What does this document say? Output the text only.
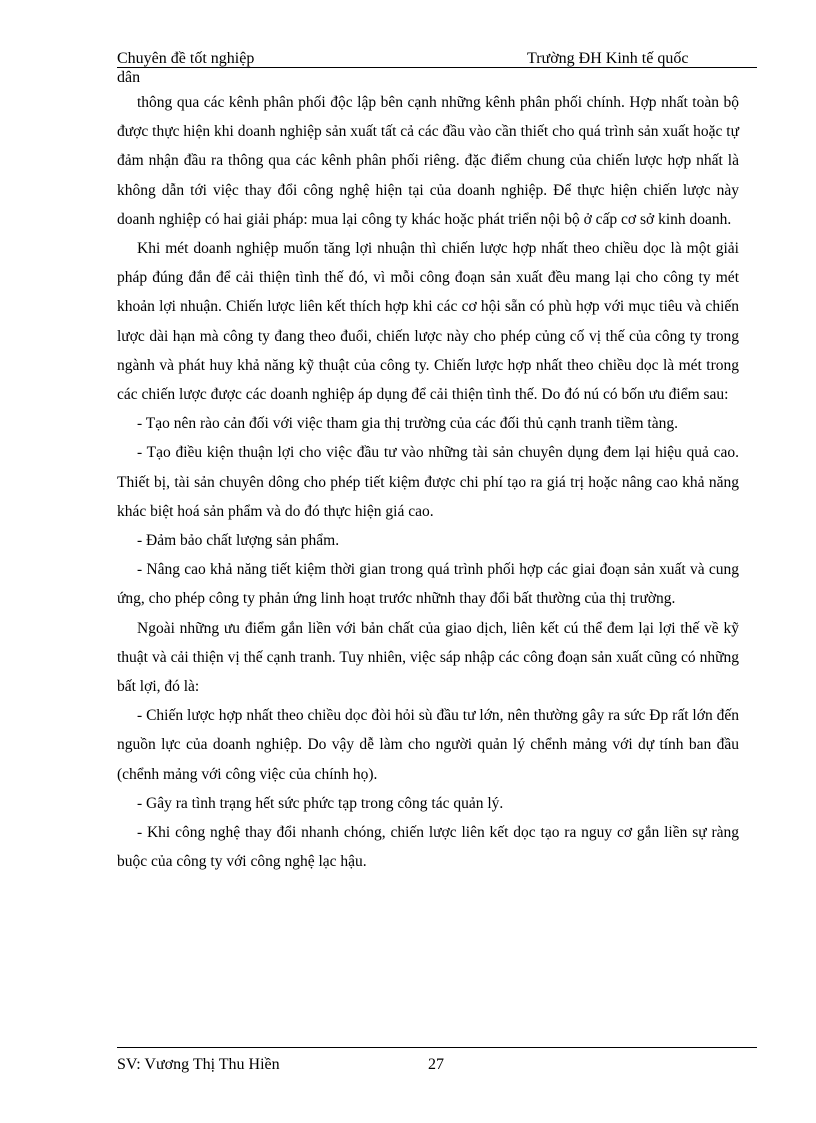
Chuyên đề tốt nghiệp	Trường ĐH Kinh tế quốc
dân

thông qua các kênh phân phối độc lập bên cạnh những kênh phân phối chính. Hợp nhất toàn bộ được thực hiện khi doanh nghiệp sản xuất tất cả các đầu vào cần thiết cho quá trình sản xuất hoặc tự đảm nhận đầu ra thông qua các kênh phân phối riêng. đặc điểm chung của chiến lược hợp nhất là không dẫn tới việc thay đổi công nghệ hiện tại của doanh nghiệp. Để thực hiện chiến lược này doanh nghiệp có hai giải pháp: mua lại công ty khác hoặc phát triển nội bộ ở cấp cơ sở kinh doanh.

Khi mét doanh nghiệp muốn tăng lợi nhuận thì chiến lược hợp nhất theo chiều dọc là một giải pháp đúng đắn để cải thiện tình thế đó, vì mỗi công đoạn sản xuất đều mang lại cho công ty mét khoản lợi nhuận. Chiến lược liên kết thích hợp khi các cơ hội sẵn có phù hợp với mục tiêu và chiến lược dài hạn mà công ty đang theo đuổi, chiến lược này cho phép củng cố vị thế của công ty trong ngành và phát huy khả năng kỹ thuật của công ty. Chiến lược hợp nhất theo chiều dọc là mét trong các chiến lược được các doanh nghiệp áp dụng để cải thiện tình thế. Do đó nú có bốn ưu điểm sau:

- Tạo nên rào cản đối với việc tham gia thị trường của các đối thủ cạnh tranh tiềm tàng.

- Tạo điều kiện thuận lợi cho việc đầu tư vào những tài sản chuyên dụng đem lại hiệu quả cao. Thiết bị, tài sản chuyên dông cho phép tiết kiệm được chi phí tạo ra giá trị hoặc nâng cao khả năng khác biệt hoá sản phẩm và do đó thực hiện giá cao.

- Đảm bảo chất lượng sản phẩm.

- Nâng cao khả năng tiết kiệm thời gian trong quá trình phối hợp các giai đoạn sản xuất và cung ứng, cho phép công ty phản ứng linh hoạt trước nhữnh thay đổi bất thường của thị trường.

Ngoài những ưu điểm gắn liền với bản chất của giao dịch, liên kết cú thể đem lại lợi thế về kỹ thuật và cải thiện vị thế cạnh tranh. Tuy nhiên, việc sáp nhập các công đoạn sản xuất cũng có những bất lợi, đó là:

- Chiến lược hợp nhất theo chiều dọc đòi hỏi sù đầu tư lớn, nên thường gây ra sức Ðp rất lớn đến nguồn lực của doanh nghiệp. Do vậy dễ làm cho người quản lý chểnh mảng với dự tính ban đầu (chểnh mảng với công việc của chính họ).

- Gây ra tình trạng hết sức phức tạp trong công tác quản lý.

- Khi công nghệ thay đổi nhanh chóng, chiến lược liên kết dọc tạo ra nguy cơ gắn liền sự ràng buộc của công ty với công nghệ lạc hậu.

SV: Vương Thị Thu Hiền	27
